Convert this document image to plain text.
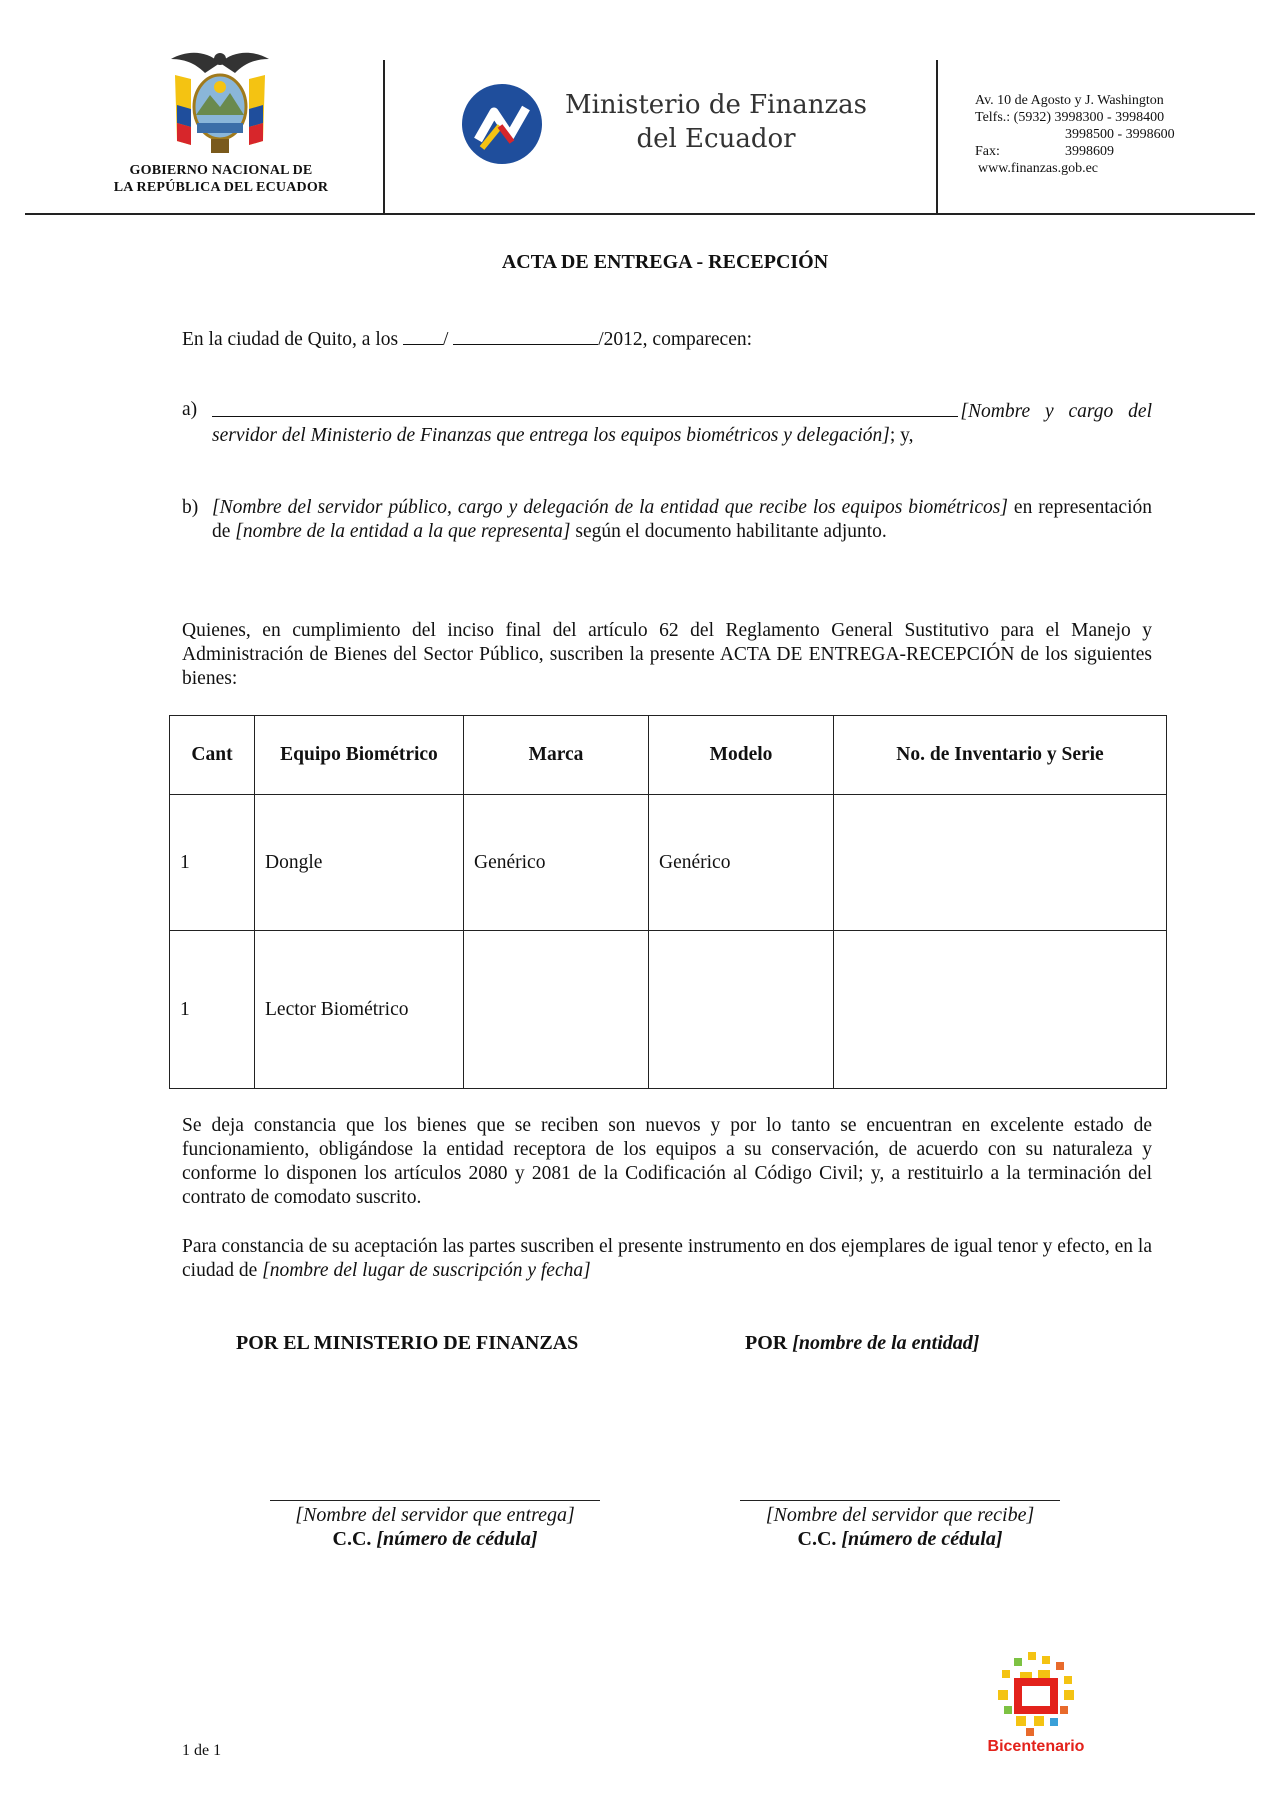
GOBIERNO NACIONAL DE
LA REPÚBLICA DEL ECUADOR
Ministerio de Finanzas
del Ecuador
Av. 10 de Agosto y J. Washington
Telfs.: (5932) 3998300 - 3998400
3998500 - 3998600
Fax:	3998609
www.finanzas.gob.ec
ACTA DE ENTREGA - RECEPCIÓN
En la ciudad de Quito, a los /	/2012, comparecen:
a)	[Nombre y cargo del
servidor del Ministerio de Finanzas que entrega los equipos biométricos y delegación]; y,
b) [Nombre del servidor público, cargo y delegación de la entidad que recibe los equipos biométricos] en representación de [nombre de la entidad a la que representa] según el documento habilitante adjunto.
Quienes, en cumplimiento del inciso final del artículo 62 del Reglamento General Sustitutivo para el Manejo y Administración de Bienes del Sector Público, suscriben la presente ACTA DE ENTREGA-RECEPCIÓN de los siguientes bienes:
Cant	Equipo Biométrico	Marca	Modelo	No. de Inventario y Serie
1	Dongle	Genérico	Genérico	
1	Lector Biométrico			
Se deja constancia que los bienes que se reciben son nuevos y por lo tanto se encuentran en excelente estado de funcionamiento, obligándose la entidad receptora de los equipos a su conservación, de acuerdo con su naturaleza y conforme lo disponen los artículos 2080 y 2081 de la Codificación al Código Civil; y, a restituirlo a la terminación del contrato de comodato suscrito.
Para constancia de su aceptación las partes suscriben el presente instrumento en dos ejemplares de igual tenor y efecto, en la ciudad de [nombre del lugar de suscripción y fecha]
POR EL MINISTERIO DE FINANZAS	POR [nombre de la entidad]
[Nombre del servidor que entrega]	[Nombre del servidor que recibe]
C.C. [número de cédula]	C.C. [número de cédula]
1 de 1	Bicentenario
